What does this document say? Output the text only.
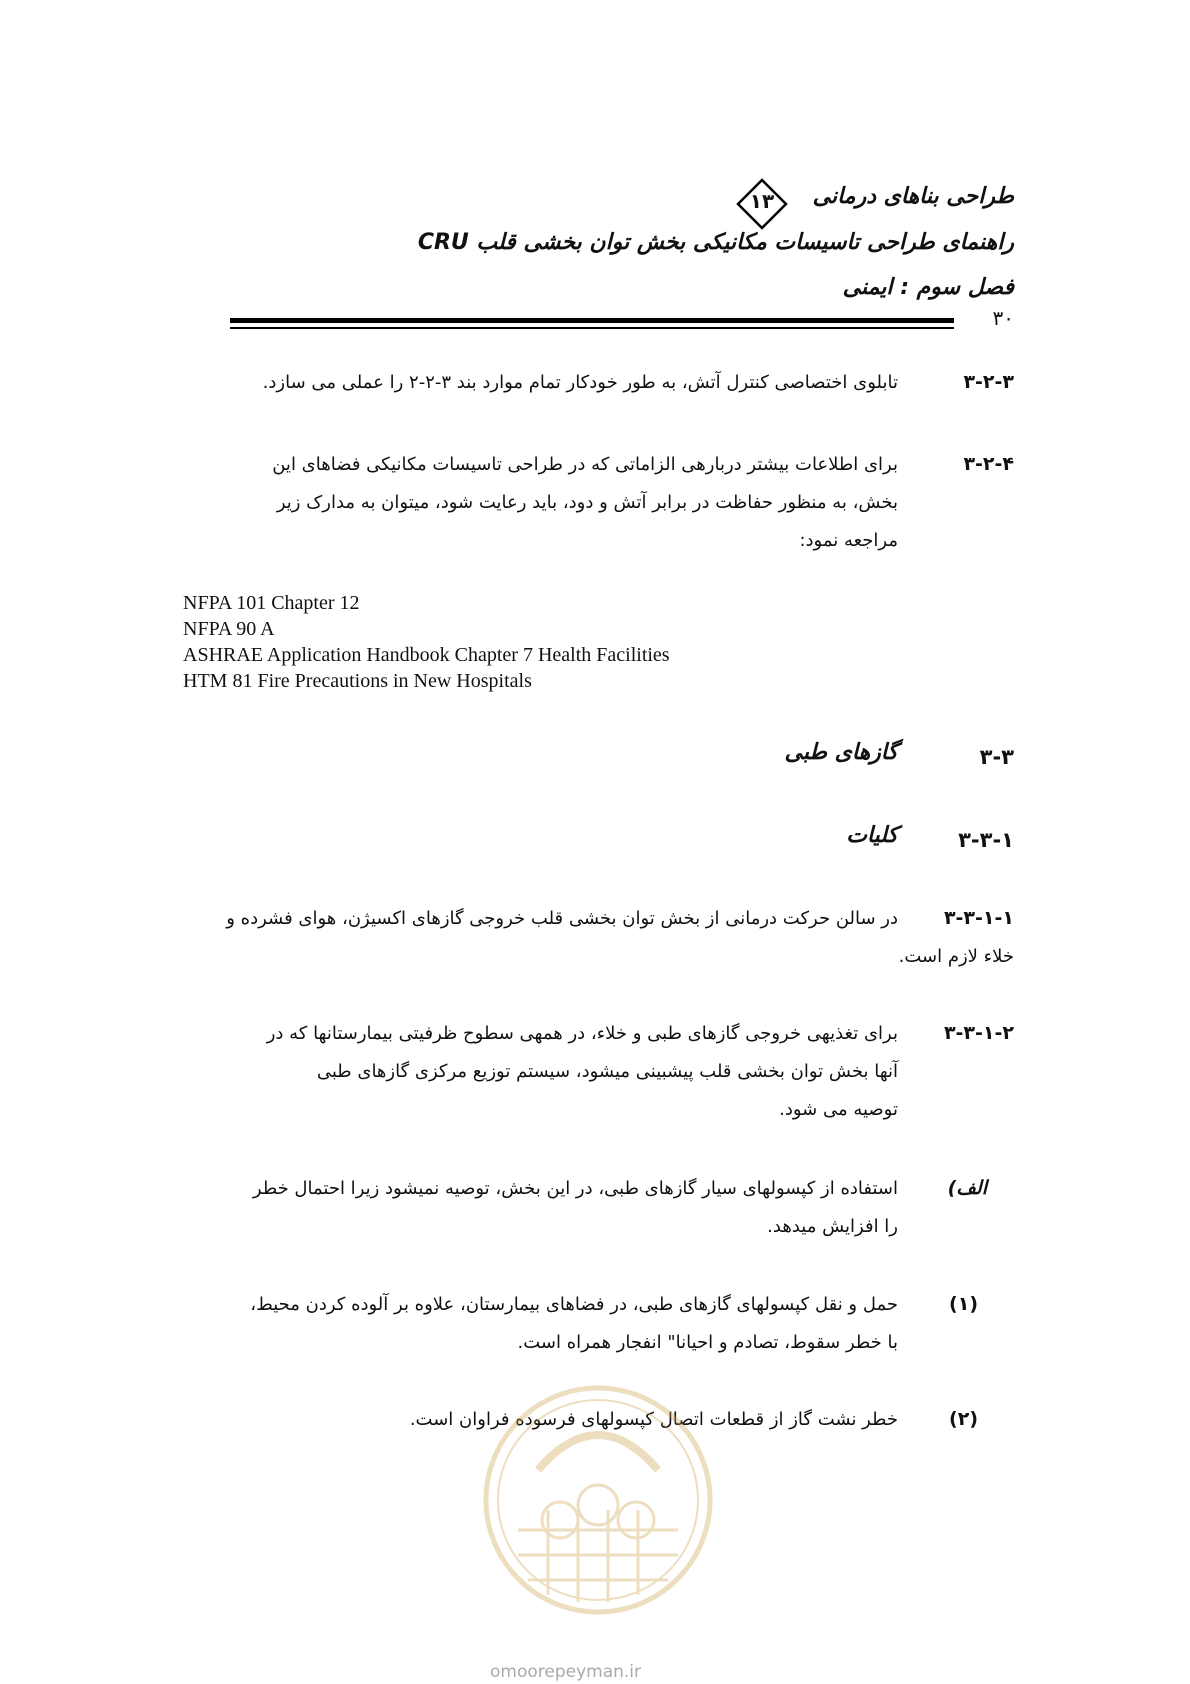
طراحی بناهای درمانی
۱۳
راهنمای طراحی تاسیسات مکانیکی بخش توان بخشی قلب CRU
فصل سوم : ایمنی
۳۰
۳-۲-۳
تابلوی اختصاصی کنترل آتش، به طور خودکار تمام موارد بند ۳-۲-۲ را عملی می سازد.
۳-۲-۴
برای اطلاعات بیشتر دربارهی الزاماتی که در طراحی تاسیسات مکانیکی فضاهای این
بخش، به منظور حفاظت در برابر آتش و دود، باید رعایت شود، میتوان به مدارک زیر
مراجعه نمود:
NFPA 101 Chapter 12
NFPA 90 A
ASHRAE Application Handbook Chapter 7 Health Facilities
HTM 81 Fire Precautions in New Hospitals
۳-۳
گازهای طبی
۳-۳-۱
کلیات
۳-۳-۱-۱
در سالن حرکت درمانی از بخش توان بخشی قلب خروجی گازهای اکسیژن، هوای فشرده و
خلاء لازم است.
۳-۳-۱-۲
برای تغذیهی خروجی گازهای طبی و خلاء، در همهی سطوح ظرفیتی بیمارستانها که در
آنها بخش توان بخشی قلب پیشبینی میشود، سیستم توزیع مرکزی گازهای طبی
توصیه می شود.
الف)
استفاده از کپسولهای سیار گازهای طبی، در این بخش، توصیه نمیشود زیرا احتمال خطر
را افزایش میدهد.
(۱)
حمل و نقل کپسولهای گازهای طبی، در فضاهای بیمارستان، علاوه بر آلوده کردن محیط،
با خطر سقوط، تصادم و احیانا" انفجار همراه است.
(۲)
خطر نشت گاز از قطعات اتصال کپسولهای فرسوده فراوان است.
omoorepeyman.ir
